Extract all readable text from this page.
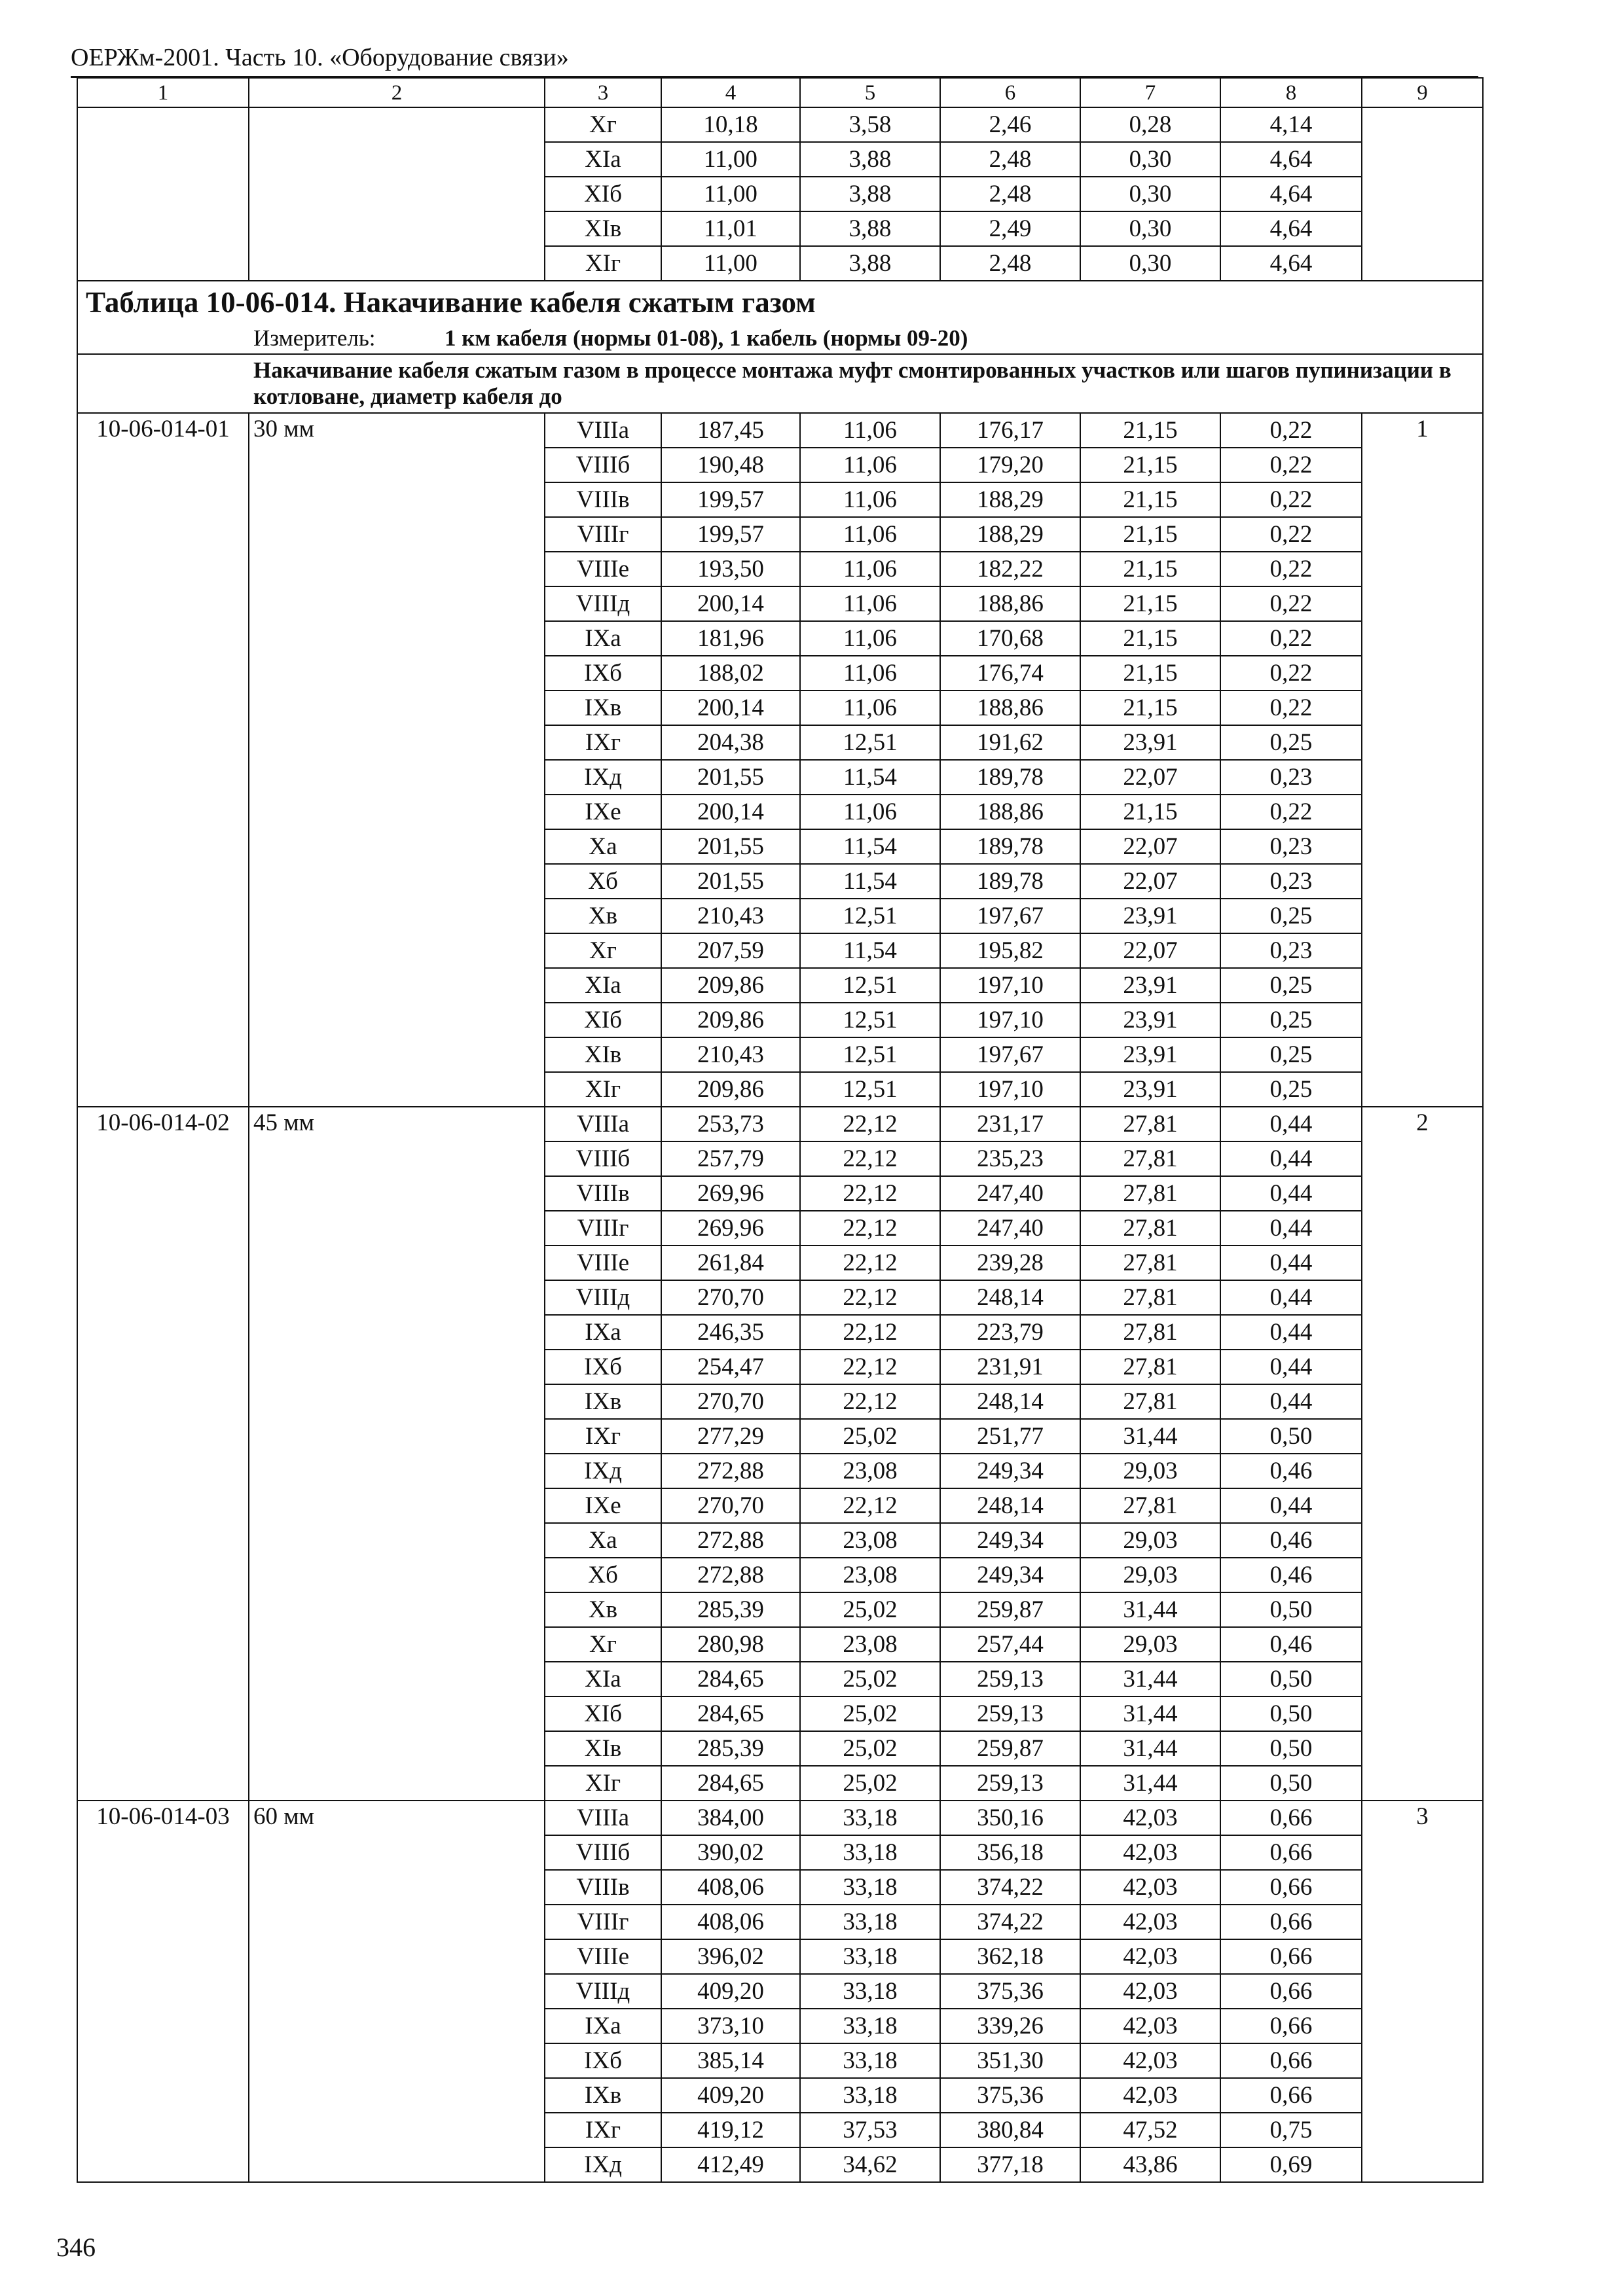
ОЕРЖм-2001. Часть 10. «Оборудование связи»
1	2	3	4	5	6	7	8	9
		Xг	10,18	3,58	2,46	0,28	4,14	
		XIа	11,00	3,88	2,48	0,30	4,64	
		XIб	11,00	3,88	2,48	0,30	4,64	
		XIв	11,01	3,88	2,49	0,30	4,64	
		XIг	11,00	3,88	2,48	0,30	4,64	
Таблица 10-06-014. Накачивание кабеля сжатым газом								
Измеритель: 1 км кабеля (нормы 01-08), 1 кабель (нормы 09-20)								
Накачивание кабеля сжатым газом в процессе монтажа муфт смонтированных участков или шагов пупинизации в котловане, диаметр кабеля до								
10-06-014-01	30 мм	VIIIа	187,45	11,06	176,17	21,15	0,22	1
		VIIIб	190,48	11,06	179,20	21,15	0,22	
		VIIIв	199,57	11,06	188,29	21,15	0,22	
		VIIIг	199,57	11,06	188,29	21,15	0,22	
		VIIIе	193,50	11,06	182,22	21,15	0,22	
		VIIIд	200,14	11,06	188,86	21,15	0,22	
		IXа	181,96	11,06	170,68	21,15	0,22	
		IXб	188,02	11,06	176,74	21,15	0,22	
		IXв	200,14	11,06	188,86	21,15	0,22	
		IXг	204,38	12,51	191,62	23,91	0,25	
		IXд	201,55	11,54	189,78	22,07	0,23	
		IXе	200,14	11,06	188,86	21,15	0,22	
		Xа	201,55	11,54	189,78	22,07	0,23	
		Xб	201,55	11,54	189,78	22,07	0,23	
		Xв	210,43	12,51	197,67	23,91	0,25	
		Xг	207,59	11,54	195,82	22,07	0,23	
		XIа	209,86	12,51	197,10	23,91	0,25	
		XIб	209,86	12,51	197,10	23,91	0,25	
		XIв	210,43	12,51	197,67	23,91	0,25	
		XIг	209,86	12,51	197,10	23,91	0,25	
10-06-014-02	45 мм	VIIIа	253,73	22,12	231,17	27,81	0,44	2
		VIIIб	257,79	22,12	235,23	27,81	0,44	
		VIIIв	269,96	22,12	247,40	27,81	0,44	
		VIIIг	269,96	22,12	247,40	27,81	0,44	
		VIIIе	261,84	22,12	239,28	27,81	0,44	
		VIIIд	270,70	22,12	248,14	27,81	0,44	
		IXа	246,35	22,12	223,79	27,81	0,44	
		IXб	254,47	22,12	231,91	27,81	0,44	
		IXв	270,70	22,12	248,14	27,81	0,44	
		IXг	277,29	25,02	251,77	31,44	0,50	
		IXд	272,88	23,08	249,34	29,03	0,46	
		IXе	270,70	22,12	248,14	27,81	0,44	
		Xа	272,88	23,08	249,34	29,03	0,46	
		Xб	272,88	23,08	249,34	29,03	0,46	
		Xв	285,39	25,02	259,87	31,44	0,50	
		Xг	280,98	23,08	257,44	29,03	0,46	
		XIа	284,65	25,02	259,13	31,44	0,50	
		XIб	284,65	25,02	259,13	31,44	0,50	
		XIв	285,39	25,02	259,87	31,44	0,50	
		XIг	284,65	25,02	259,13	31,44	0,50	
10-06-014-03	60 мм	VIIIа	384,00	33,18	350,16	42,03	0,66	3
		VIIIб	390,02	33,18	356,18	42,03	0,66	
		VIIIв	408,06	33,18	374,22	42,03	0,66	
		VIIIг	408,06	33,18	374,22	42,03	0,66	
		VIIIе	396,02	33,18	362,18	42,03	0,66	
		VIIIд	409,20	33,18	375,36	42,03	0,66	
		IXа	373,10	33,18	339,26	42,03	0,66	
		IXб	385,14	33,18	351,30	42,03	0,66	
		IXв	409,20	33,18	375,36	42,03	0,66	
		IXг	419,12	37,53	380,84	47,52	0,75	
		IXд	412,49	34,62	377,18	43,86	0,69	
346
